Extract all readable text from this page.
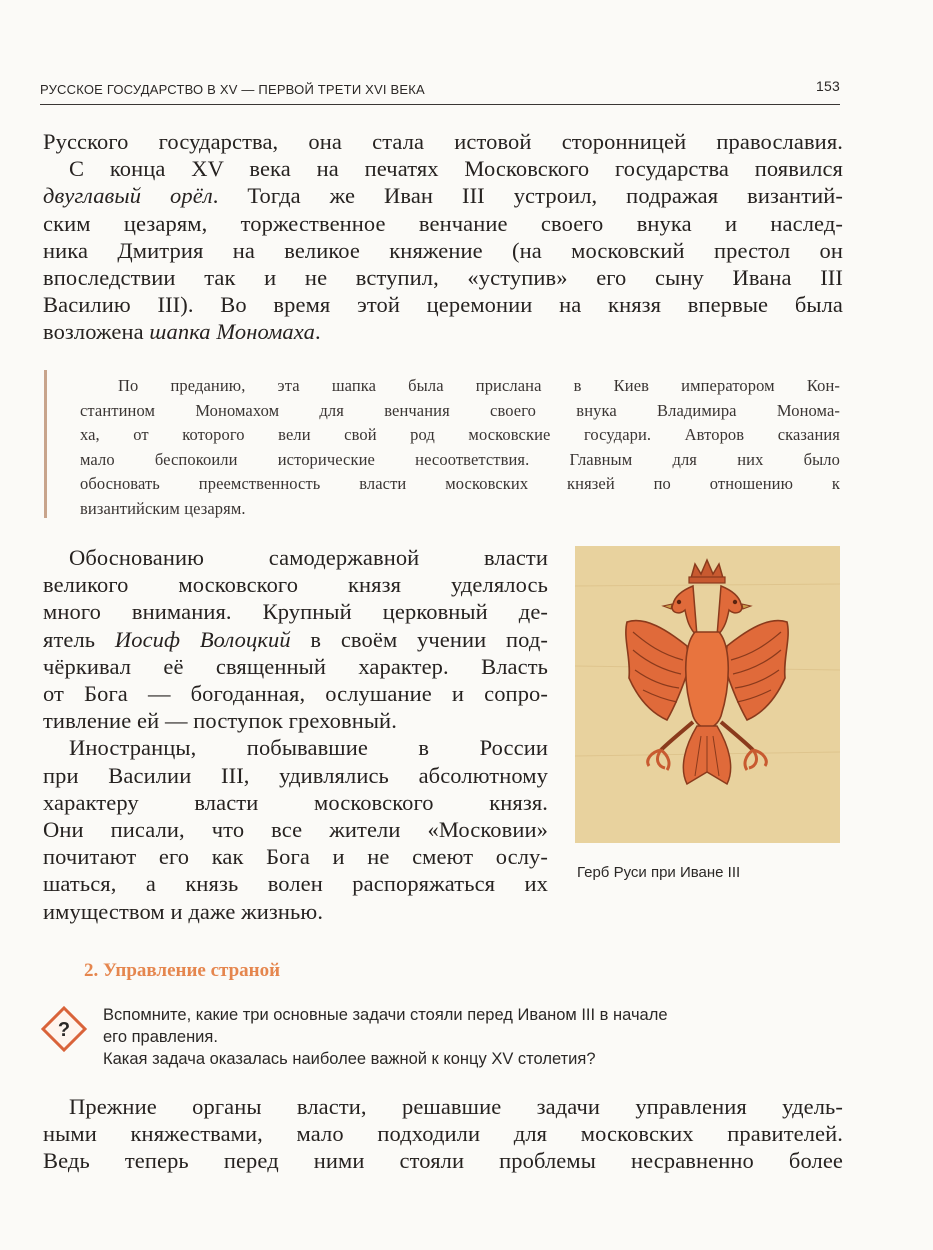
РУССКОЕ ГОСУДАРСТВО В XV — ПЕРВОЙ ТРЕТИ XVI ВЕКА	153
Русского государства, она стала истовой сторонницей православия.
С конца XV века на печатях Московского государства появился
двуглавый орёл. Тогда же Иван III устроил, подражая византий-
ским цезарям, торжественное венчание своего внука и наслед-
ника Дмитрия на великое княжение (на московский престол он
впоследствии так и не вступил, «уступив» его сыну Ивана III
Василию III). Во время этой церемонии на князя впервые была
возложена шапка Мономаха.
По преданию, эта шапка была прислана в Киев императором Кон-
стантином Мономахом для венчания своего внука Владимира Монома-
ха, от которого вели свой род московские государи. Авторов сказания
мало беспокоили исторические несоответствия. Главным для них было
обосновать преемственность власти московских князей по отношению к
византийским цезарям.
Обоснованию самодержавной власти
великого московского князя уделялось
много внимания. Крупный церковный де-
ятель Иосиф Волоцкий в своём учении под-
чёркивал её священный характер. Власть
от Бога — богоданная, ослушание и сопро-
тивление ей — поступок греховный.
Иностранцы, побывавшие в России
при Василии III, удивлялись абсолютному
характеру власти московского князя.
Они писали, что все жители «Московии»
почитают его как Бога и не смеют ослу-
шаться, а князь волен распоряжаться их
имуществом и даже жизнью.
Герб Руси при Иване III
2. Управление страной
?
Вспомните, какие три основные задачи стояли перед Иваном III в начале
его правления.
Какая задача оказалась наиболее важной к концу XV столетия?
Прежние органы власти, решавшие задачи управления удель-
ными княжествами, мало подходили для московских правителей.
Ведь теперь перед ними стояли проблемы несравненно более
